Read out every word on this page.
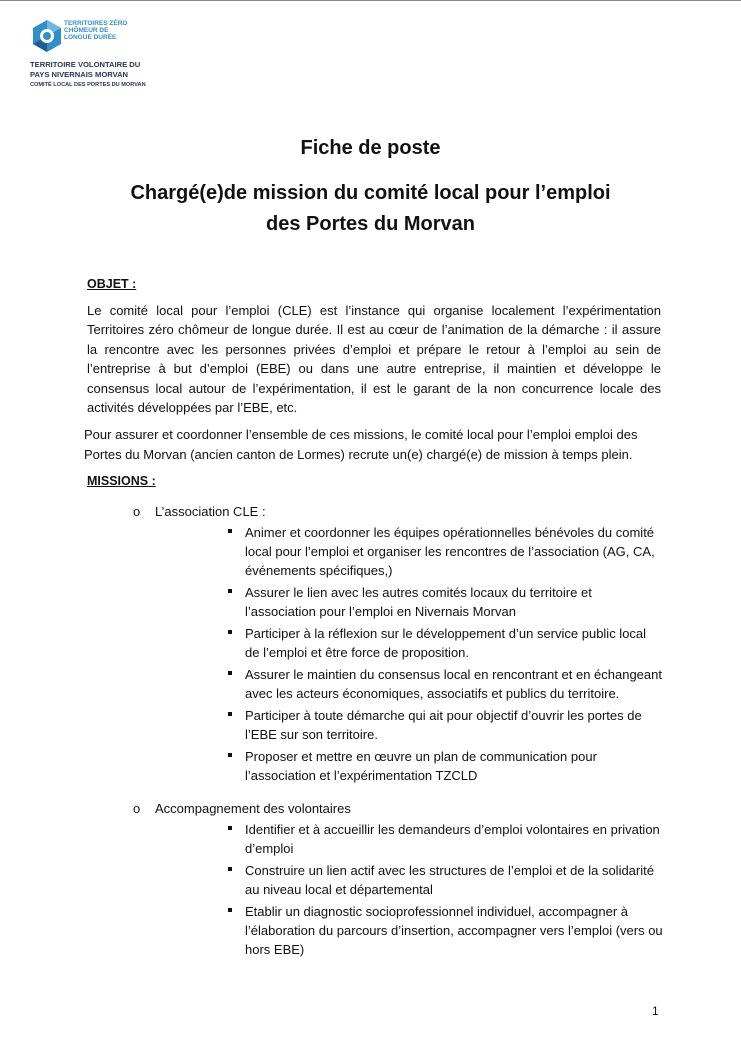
TERRITOIRES ZÉRO CHÔMEUR DE LONGUE DURÉE
TERRITOIRE VOLONTAIRE DU
PAYS NIVERNAIS MORVAN
COMITÉ LOCAL DES PORTES DU MORVAN
Fiche de poste
Chargé(e)de mission du comité local pour l’emploi
des Portes du Morvan
OBJET :

Le comité local pour l’emploi (CLE) est l’instance qui organise localement l’expérimentation Territoires zéro chômeur de longue durée. Il est au cœur de l’animation de la démarche : il assure la rencontre avec les personnes privées d’emploi et prépare le retour à l’emploi au sein de l’entreprise à but d’emploi (EBE) ou dans une autre entreprise, il maintien et développe le consensus local autour de l’expérimentation, il est le garant de la non concurrence locale des activités développées par l’EBE, etc.

Pour assurer et coordonner l’ensemble de ces missions, le comité local pour l’emploi emploi des Portes du Morvan (ancien canton de Lormes) recrute un(e) chargé(e) de mission à temps plein.

MISSIONS :
o L’association CLE :
Animer et coordonner les équipes opérationnelles bénévoles du comité local pour l’emploi et organiser les rencontres de l’association (AG, CA, événements spécifiques,)
Assurer le lien avec les autres comités locaux du territoire et l’association pour l’emploi en Nivernais Morvan
Participer à la réflexion sur le développement d’un service public local de l’emploi et être force de proposition.
Assurer le maintien du consensus local en rencontrant et en échangeant avec les acteurs économiques, associatifs et publics du territoire.
Participer à toute démarche qui ait pour objectif d’ouvrir les portes de l’EBE sur son territoire.
Proposer et mettre en œuvre un plan de communication pour l’association et l’expérimentation TZCLD
o Accompagnement des volontaires
Identifier et à accueillir les demandeurs d’emploi volontaires en privation d’emploi
Construire un lien actif avec les structures de l’emploi et de la solidarité au niveau local et départemental
Etablir un diagnostic socioprofessionnel individuel, accompagner à l’élaboration du parcours d’insertion, accompagner vers l’emploi (vers ou hors EBE)
1
